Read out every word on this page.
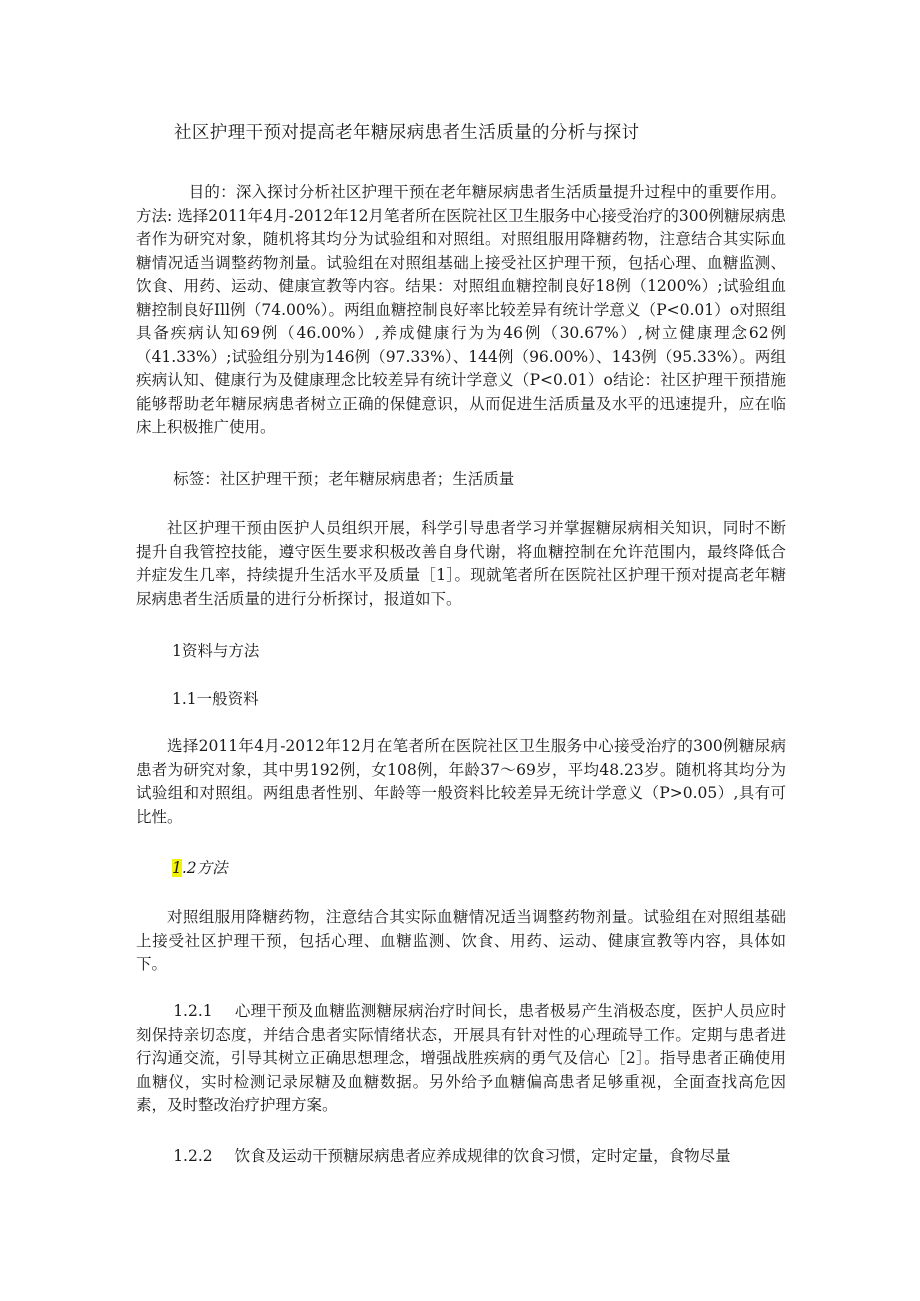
社区护理干预对提高老年糖尿病患者生活质量的分析与探讨

目的：深入探讨分析社区护理干预在老年糖尿病患者生活质量提升过程中的重要作用。方法: 选择2011年4月-2012年12月笔者所在医院社区卫生服务中心接受治疗的300例糖尿病患者作为研究对象，随机将其均分为试验组和对照组。对照组服用降糖药物，注意结合其实际血糖情况适当调整药物剂量。试验组在对照组基础上接受社区护理干预，包括心理、血糖监测、饮食、用药、运动、健康宣教等内容。结果：对照组血糖控制良好18例（1200%）;试验组血糖控制良好Ill例（74.00%）。两组血糖控制良好率比较差异有统计学意义（P<0.01）o对照组具备疾病认知69例（46.00%）,养成健康行为为46例（30.67%）,树立健康理念62例（41.33%）;试验组分别为146例（97.33%）、144例（96.00%）、143例（95.33%）。两组疾病认知、健康行为及健康理念比较差异有统计学意义（P<0.01）o结论：社区护理干预措施能够帮助老年糖尿病患者树立正确的保健意识，从而促进生活质量及水平的迅速提升，应在临床上积极推广使用。

标签：社区护理干预；老年糖尿病患者；生活质量

社区护理干预由医护人员组织开展，科学引导患者学习并掌握糖尿病相关知识，同时不断提升自我管控技能，遵守医生要求积极改善自身代谢，将血糖控制在允许范围内，最终降低合并症发生几率，持续提升生活水平及质量［1］。现就笔者所在医院社区护理干预对提高老年糖尿病患者生活质量的进行分析探讨，报道如下。

1资料与方法
1.1一般资料

选择2011年4月-2012年12月在笔者所在医院社区卫生服务中心接受治疗的300例糖尿病患者为研究对象，其中男192例，女108例，年龄37～69岁，平均48.23岁。随机将其均分为试验组和对照组。两组患者性别、年龄等一般资料比较差异无统计学意义（P>0.05）,具有可比性。

1.2方法

对照组服用降糖药物，注意结合其实际血糖情况适当调整药物剂量。试验组在对照组基础上接受社区护理干预，包括心理、血糖监测、饮食、用药、运动、健康宣教等内容，具体如下。

1.2.1 心理干预及血糖监测糖尿病治疗时间长，患者极易产生消极态度，医护人员应时刻保持亲切态度，并结合患者实际情绪状态，开展具有针对性的心理疏导工作。定期与患者进行沟通交流，引导其树立正确思想理念，增强战胜疾病的勇气及信心［2］。指导患者正确使用血糖仪，实时检测记录尿糖及血糖数据。另外给予血糖偏高患者足够重视，全面查找高危因素，及时整改治疗护理方案。

1.2.2 饮食及运动干预糖尿病患者应养成规律的饮食习惯，定时定量，食物尽量
